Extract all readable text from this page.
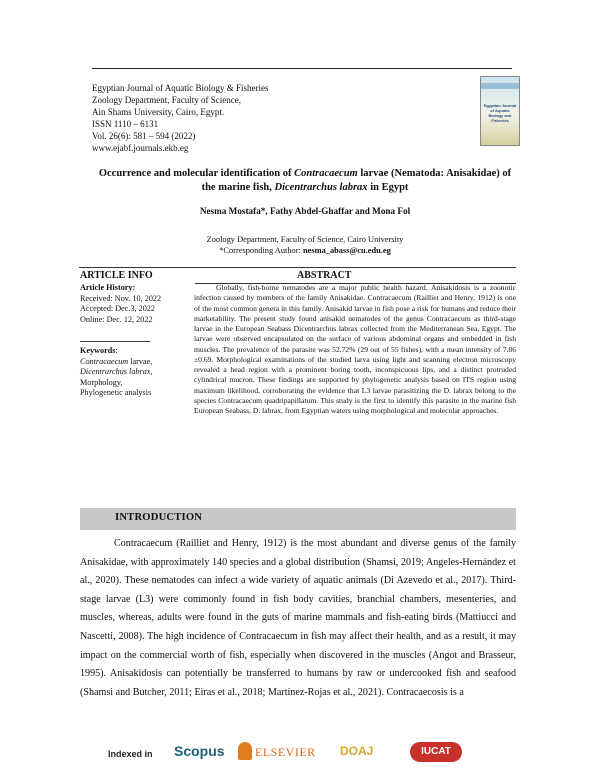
Egyptian Journal of Aquatic Biology & Fisheries
Zoology Department, Faculty of Science,
Ain Shams University, Cairo, Egypt.
ISSN 1110 – 6131
Vol. 26(6): 581 – 594 (2022)
www.ejabf.journals.ekb.eg
Egyptian Journal of Aquatic Biology and Fisheries
Occurrence and molecular identification of Contracaecum larvae (Nematoda: Anisakidae) of the marine fish, Dicentrarchus labrax in Egypt
Nesma Mostafa*, Fathy Abdel-Ghaffar and Mona Fol
Zoology Department, Faculty of Science, Cairo University
*Corresponding Author: nesma_abass@cu.edu.eg
ARTICLE INFO	ABSTRACT
Article History:
Received: Nov. 10, 2022
Accepted: Dec.3, 2022
Online: Dec. 12, 2022
Keywords:
Contracaecum larvae,
Dicentrarchus labrax,
Morphology,
Phylogenetic analysis

Globally, fish-borne nematodes are a major public health hazard. Anisakidosis is a zoonotic infection caused by members of the family Anisakidae. Contracaecum (Railliet and Henry, 1912) is one of the most common genera in this family. Anisakid larvae in fish pose a risk for humans and reduce their marketability. The present study found anisakid nematodes of the genus Contracaecum as third-stage larvae in the European Seabass Dicentrarchus labrax collected from the Mediterranean Sea, Egypt. The larvae were observed encapsulated on the surface of various abdominal organs and embedded in fish muscles. The prevalence of the parasite was 52.72% (29 out of 55 fishes), with a mean intensity of 7.86 ±0.69. Morphological examinations of the studied larva using light and scanning electron microscopy revealed a head region with a prominent boring tooth, inconspicuous lips, and a distinct protruded cylindrical mucron. These findings are supported by phylogenetic analysis based on ITS region using maximum likelihood, corroborating the evidence that L3 larvae parasitizing the D. labrax belong to the species Contracaecum quadripapillatum. This study is the first to identify this parasite in the marine fish European Seabass, D. labrax, from Egyptian waters using morphological and molecular approaches.

INTRODUCTION

Contracaecum (Railliet and Henry, 1912) is the most abundant and diverse genus of the family Anisakidae, with approximately 140 species and a global distribution (Shamsi, 2019; Angeles-Hernández et al., 2020). These nematodes can infect a wide variety of aquatic animals (Di Azevedo et al., 2017). Third-stage larvae (L3) were commonly found in fish body cavities, branchial chambers, mesenteries, and muscles, whereas, adults were found in the guts of marine mammals and fish-eating birds (Mattiucci and Nascetti, 2008). The high incidence of Contracaecum in fish may affect their health, and as a result, it may impact on the commercial worth of fish, especially when discovered in the muscles (Angot and Brasseur, 1995). Anisakidosis can potentially be transferred to humans by raw or undercooked fish and seafood (Shamsi and Butcher, 2011; Eiras et al., 2018; Martínez-Rojas et al., 2021). Contracaecosis is a

Indexed in Scopus	ELSEVIER DOAJ	IUCAT
